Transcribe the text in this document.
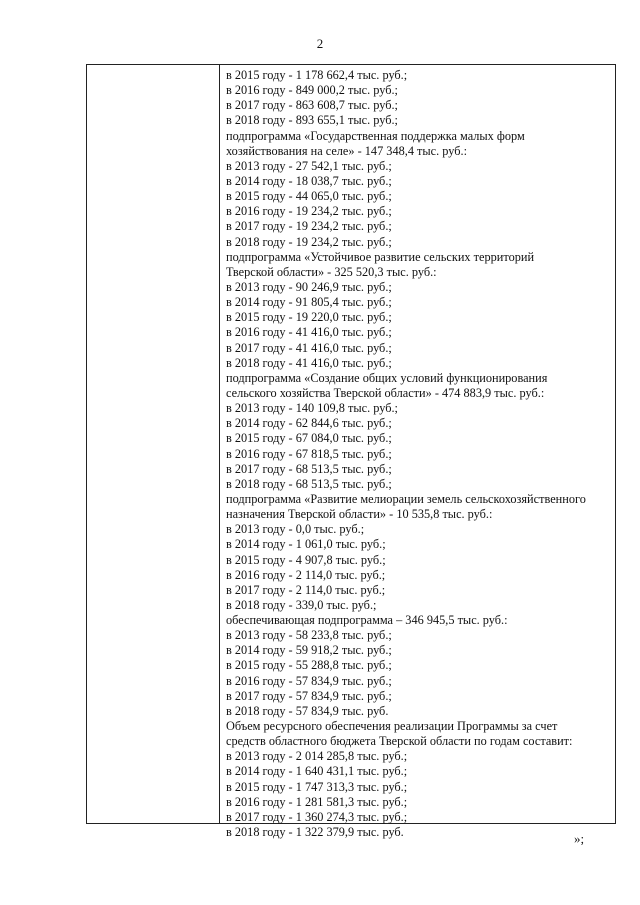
2
в 2015 году - 1 178 662,4 тыс. руб.;
в 2016 году - 849 000,2 тыс. руб.;
в 2017 году - 863 608,7 тыс. руб.;
в 2018 году - 893 655,1 тыс. руб.;
подпрограмма «Государственная поддержка малых форм
хозяйствования на селе» - 147 348,4 тыс. руб.:
в 2013 году - 27 542,1 тыс. руб.;
в 2014 году - 18 038,7 тыс. руб.;
в 2015 году - 44 065,0 тыс. руб.;
в 2016 году - 19 234,2 тыс. руб.;
в 2017 году - 19 234,2 тыс. руб.;
в 2018 году - 19 234,2 тыс. руб.;
подпрограмма «Устойчивое развитие сельских территорий
Тверской области» - 325 520,3 тыс. руб.:
в 2013 году - 90 246,9 тыс. руб.;
в 2014 году - 91 805,4 тыс. руб.;
в 2015 году - 19 220,0 тыс. руб.;
в 2016 году - 41 416,0 тыс. руб.;
в 2017 году - 41 416,0 тыс. руб.;
в 2018 году - 41 416,0 тыс. руб.;
подпрограмма «Создание общих условий функционирования
сельского хозяйства Тверской области» - 474 883,9 тыс. руб.:
в 2013 году - 140 109,8 тыс. руб.;
в 2014 году - 62 844,6 тыс. руб.;
в 2015 году - 67 084,0 тыс. руб.;
в 2016 году - 67 818,5 тыс. руб.;
в 2017 году - 68 513,5 тыс. руб.;
в 2018 году - 68 513,5 тыс. руб.;
подпрограмма «Развитие мелиорации земель сельскохозяйственного
назначения Тверской области» - 10 535,8 тыс. руб.:
в 2013 году - 0,0 тыс. руб.;
в 2014 году - 1 061,0 тыс. руб.;
в 2015 году - 4 907,8 тыс. руб.;
в 2016 году - 2 114,0 тыс. руб.;
в 2017 году - 2 114,0 тыс. руб.;
в 2018 году - 339,0 тыс. руб.;
обеспечивающая подпрограмма – 346 945,5 тыс. руб.:
в 2013 году - 58 233,8 тыс. руб.;
в 2014 году - 59 918,2 тыс. руб.;
в 2015 году - 55 288,8 тыс. руб.;
в 2016 году - 57 834,9 тыс. руб.;
в 2017 году - 57 834,9 тыс. руб.;
в 2018 году - 57 834,9 тыс. руб.
Объем ресурсного обеспечения реализации Программы за счет
средств областного бюджета Тверской области по годам составит:
в 2013 году - 2 014 285,8 тыс. руб.;
в 2014 году - 1 640 431,1 тыс. руб.;
в 2015 году - 1 747 313,3 тыс. руб.;
в 2016 году - 1 281 581,3 тыс. руб.;
в 2017 году - 1 360 274,3 тыс. руб.;
в 2018 году - 1 322 379,9 тыс. руб.	»;
